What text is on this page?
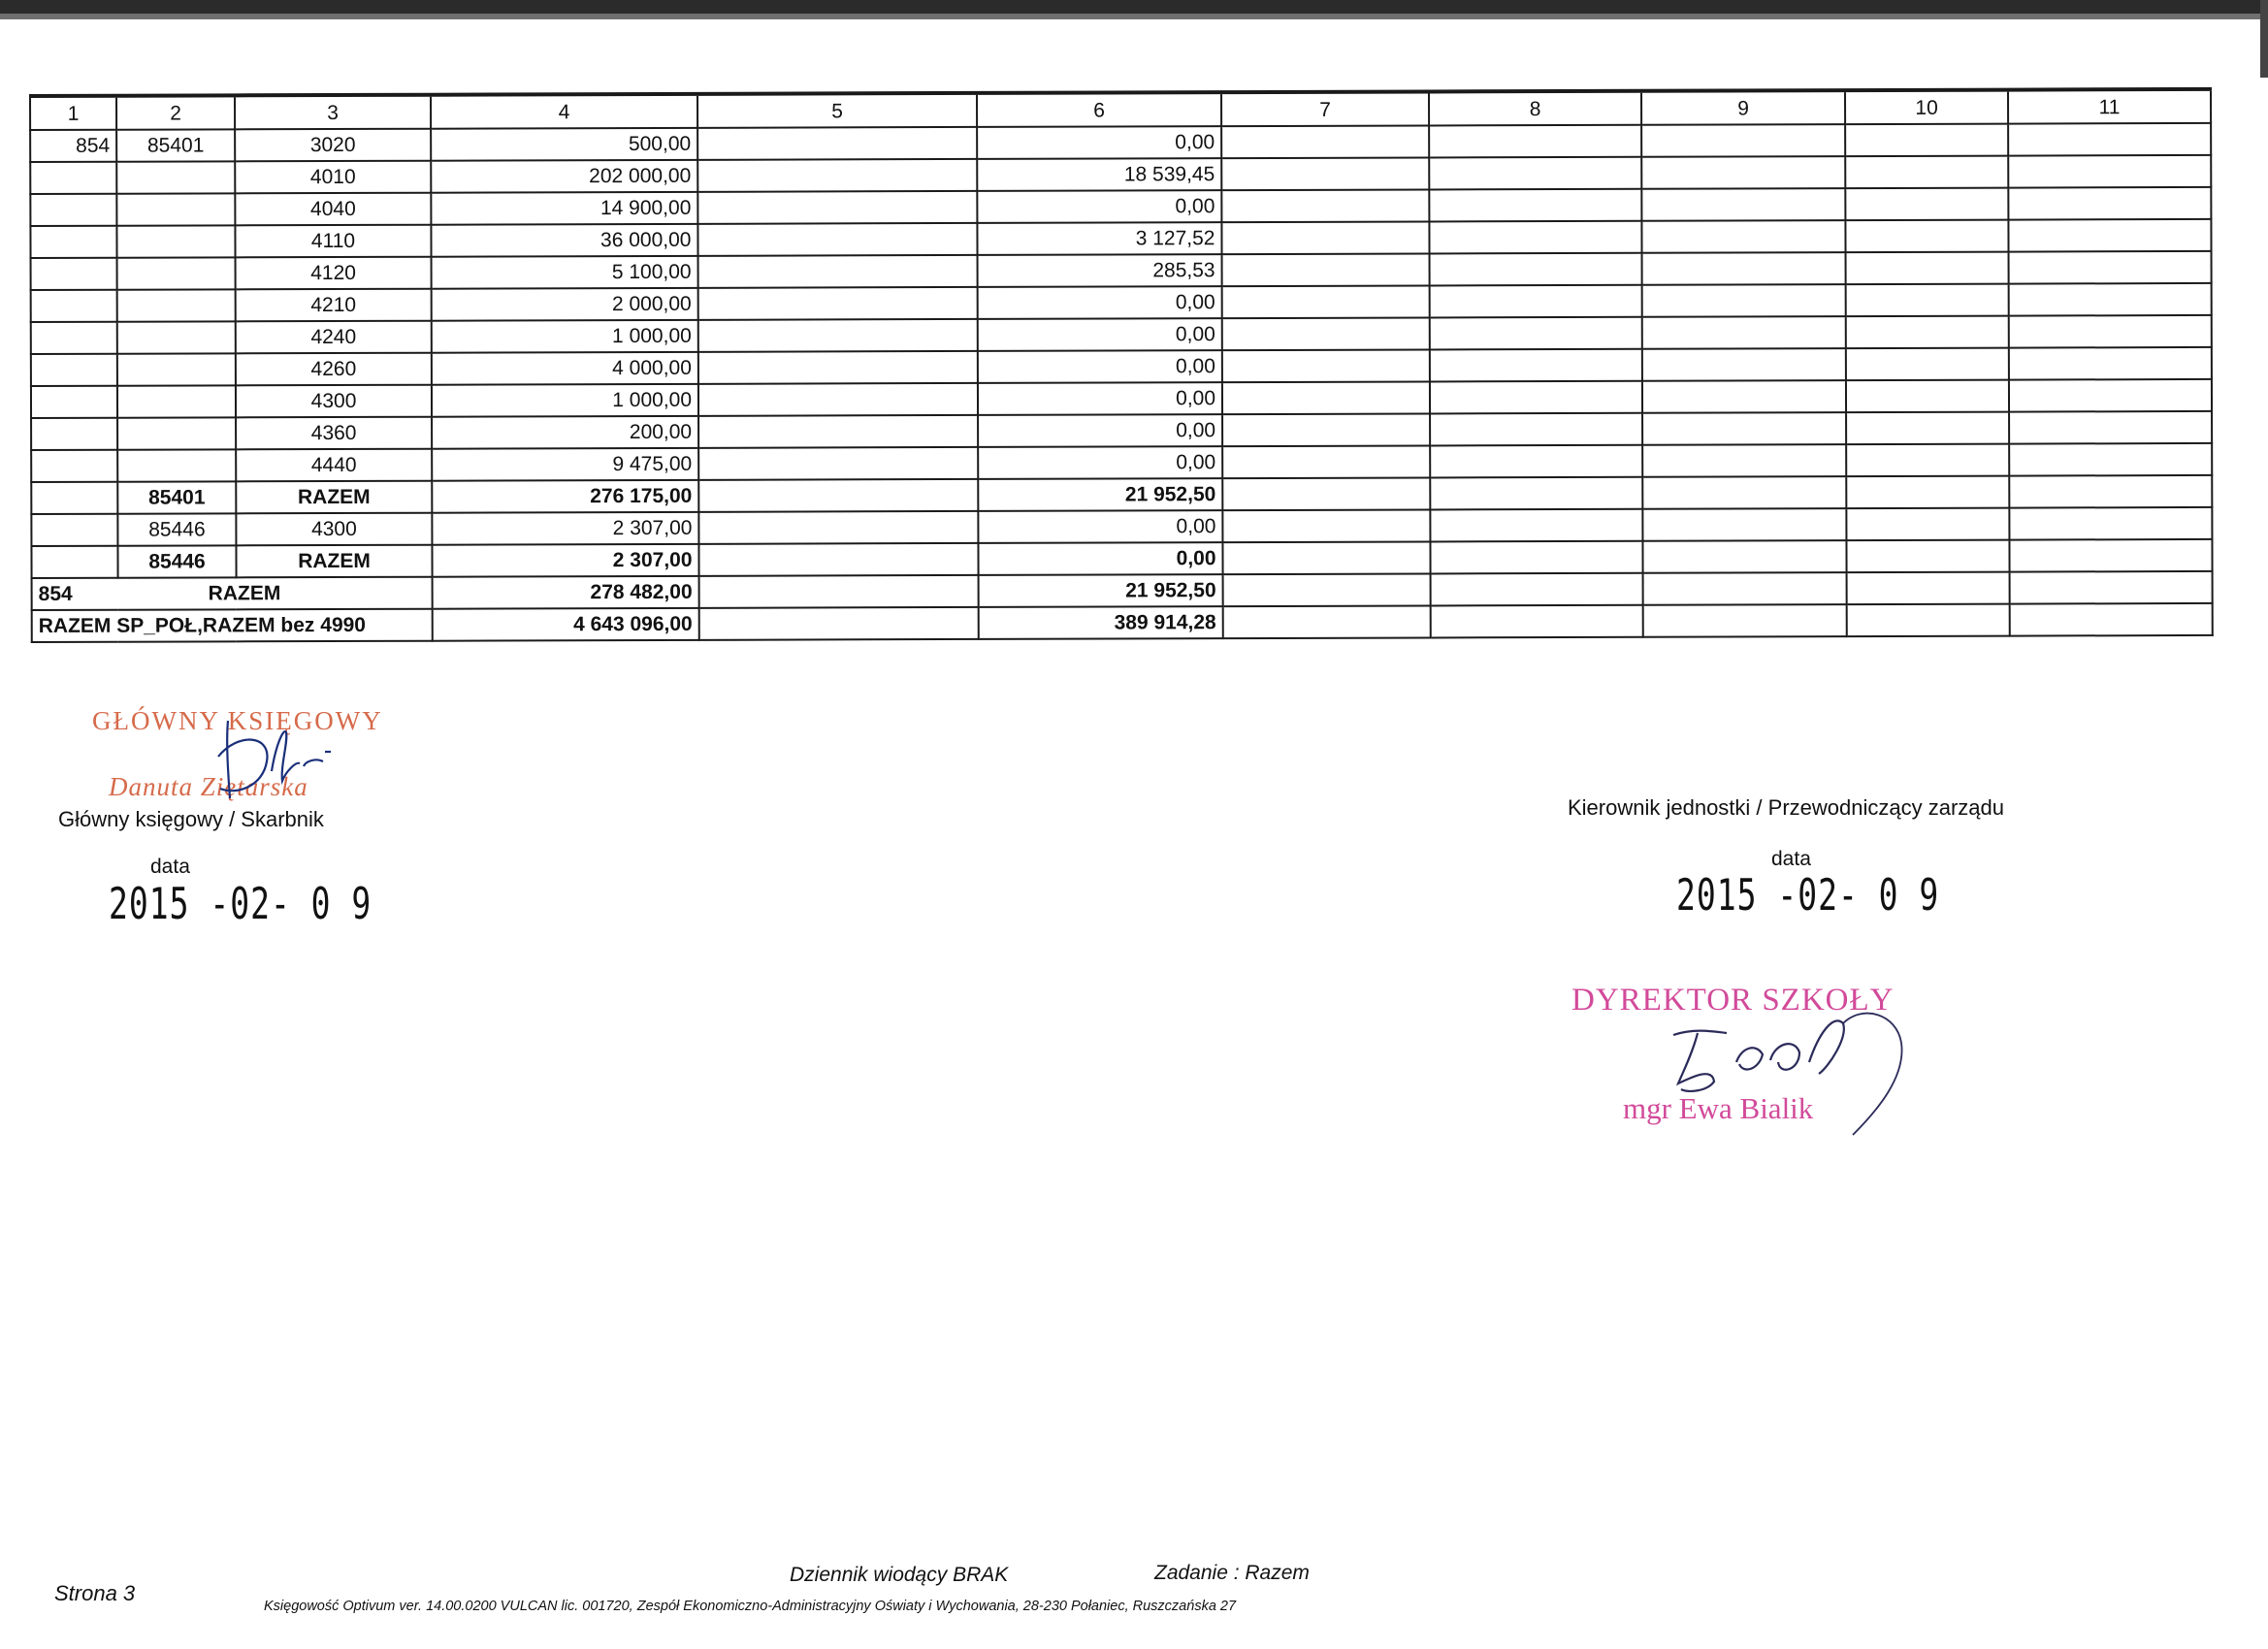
1	2	3	4	5	6	7	8	9	10	11
854	85401	3020	500,00		0,00					
		4010	202 000,00		18 539,45					
		4040	14 900,00		0,00					
		4110	36 000,00		3 127,52					
		4120	5 100,00		285,53					
		4210	2 000,00		0,00					
		4240	1 000,00		0,00					
		4260	4 000,00		0,00					
		4300	1 000,00		0,00					
		4360	200,00		0,00					
		4440	9 475,00		0,00					
	85401	RAZEM	276 175,00		21 952,50					
	85446	4300	2 307,00		0,00					
	85446	RAZEM	2 307,00		0,00					
854 RAZEM			278 482,00		21 952,50					
RAZEM SP_POŁ,RAZEM bez 4990			4 643 096,00		389 914,28					
GŁÓWNY KSIĘGOWY
Danuta Ziętarska
Główny księgowy / Skarbnik
data
2015 -02- 0 9
Kierownik jednostki / Przewodniczący zarządu
data
2015 -02- 0 9
DYREKTOR SZKOŁY
mgr Ewa Bialik
Strona 3
Dziennik wiodący BRAK	Zadanie : Razem
Księgowość Optivum ver. 14.00.0200 VULCAN lic. 001720, Zespół Ekonomiczno-Administracyjny Oświaty i Wychowania, 28-230 Połaniec, Ruszczańska 27
